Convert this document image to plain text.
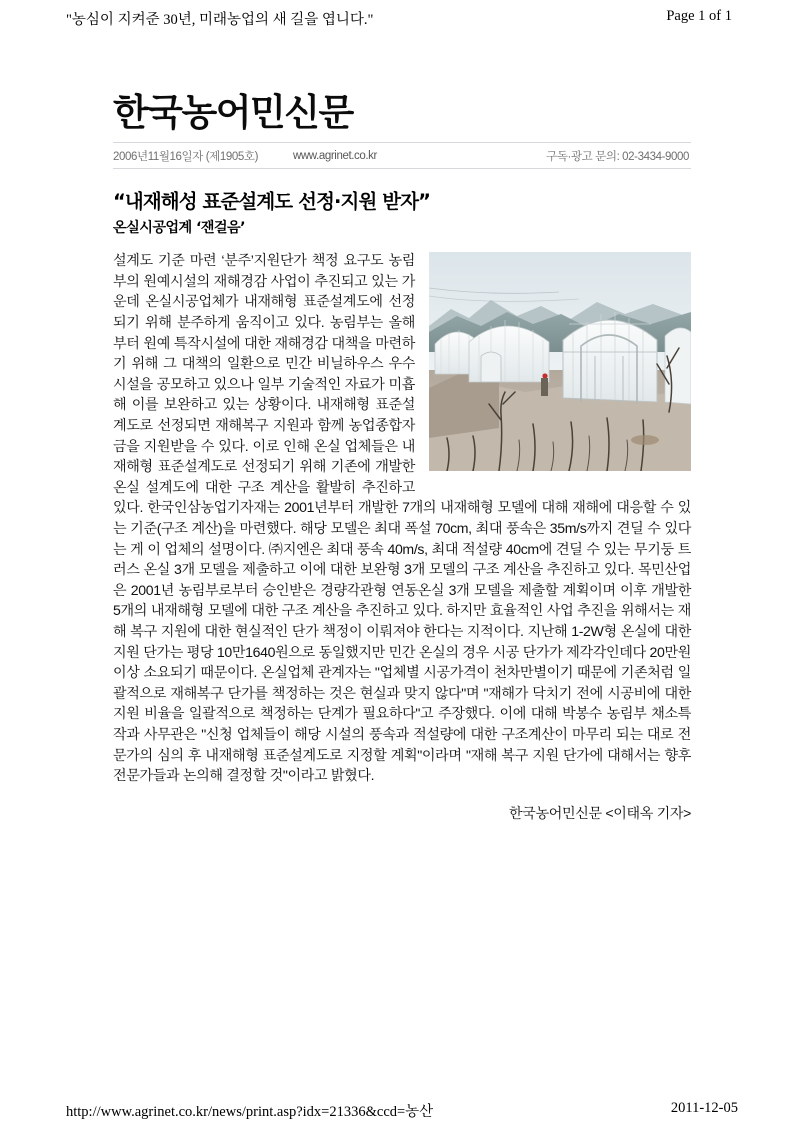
"농심이 지켜준 30년, 미래농업의 새 길을 엽니다."	Page 1 of 1
한국농어민신문
2006년11월16일자 (제1905호)	www.agrinet.co.kr	구독·광고 문의: 02-3434-9000
“내재해성 표준설계도 선정·지원 받자”
온실시공업계 ‘잰걸음’

설계도 기준 마련 ‘분주’지원단가 책정 요구도 농림부의 원예시설의 재해경감 사업이 추진되고 있는 가운데 온실시공업체가 내재해형 표준설계도에 선정되기 위해 분주하게 움직이고 있다. 농림부는 올해부터 원예 특작시설에 대한 재해경감 대책을 마련하기 위해 그 대책의 일환으로 민간 비닐하우스 우수시설을 공모하고 있으나 일부 기술적인 자료가 미흡해 이를 보완하고 있는 상황이다. 내재해형 표준설계도로 선정되면 재해복구 지원과 함께 농업종합자금을 지원받을 수 있다. 이로 인해 온실 업체들은 내재해형 표준설계도로 선정되기 위해 기존에 개발한 온실 설계도에 대한 구조 계산을 활발히 추진하고 있다. 한국인삼농업기자재는 2001년부터 개발한 7개의 내재해형 모델에 대해 재해에 대응할 수 있는 기준(구조 계산)을 마련했다. 해당 모델은 최대 폭설 70cm, 최대 풍속은 35m/s까지 견딜 수 있다는 게 이 업체의 설명이다. ㈜지엔은 최대 풍속 40m/s, 최대 적설량 40cm에 견딜 수 있는 무기둥 트러스 온실 3개 모델을 제출하고 이에 대한 보완형 3개 모델의 구조 계산을 추진하고 있다. 목민산업은 2001년 농림부로부터 승인받은 경량각관형 연동온실 3개 모델을 제출할 계획이며 이후 개발한 5개의 내재해형 모델에 대한 구조 계산을 추진하고 있다. 하지만 효율적인 사업 추진을 위해서는 재해 복구 지원에 대한 현실적인 단가 책정이 이뤄져야 한다는 지적이다. 지난해 1-2W형 온실에 대한 지원 단가는 평당 10만1640원으로 동일했지만 민간 온실의 경우 시공 단가가 제각각인데다 20만원 이상 소요되기 때문이다. 온실업체 관계자는 "업체별 시공가격이 천차만별이기 때문에 기존처럼 일괄적으로 재해복구 단가를 책정하는 것은 현실과 맞지 않다"며 "재해가 닥치기 전에 시공비에 대한 지원 비율을 일괄적으로 책정하는 단계가 필요하다"고 주장했다. 이에 대해 박봉수 농림부 채소특작과 사무관은 "신청 업체들이 해당 시설의 풍속과 적설량에 대한 구조계산이 마무리 되는 대로 전문가의 심의 후 내재해형 표준설계도로 지정할 계획"이라며 "재해 복구 지원 단가에 대해서는 향후 전문가들과 논의해 결정할 것"이라고 밝혔다.

한국농어민신문 <이태옥 기자>
http://www.agrinet.co.kr/news/print.asp?idx=21336&ccd=농산	2011-12-05
